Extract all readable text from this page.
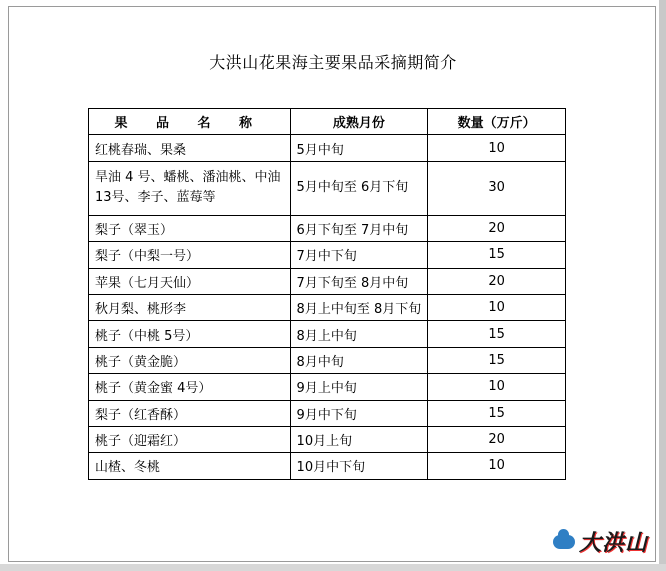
大洪山花果海主要果品采摘期简介
果 品 名 称	成熟月份	数量（万斤）
红桃春瑞、果桑	5月中旬	10
旱油 4 号、蟠桃、潘油桃、中油 13号、李子、蓝莓等	5月中旬至 6月下旬	30
梨子（翠玉）	6月下旬至 7月中旬	20
梨子（中梨一号）	7月中下旬	15
苹果（七月天仙）	7月下旬至 8月中旬	20
秋月梨、桃形李	8月上中旬至 8月下旬	10
桃子（中桃 5号）	8月上中旬	15
桃子（黄金脆）	8月中旬	15
桃子（黄金蜜 4号）	9月上中旬	10
梨子（红香酥）	9月中下旬	15
桃子（迎霜红）	10月上旬	20
山楂、冬桃	10月中下旬	10
大洪山
